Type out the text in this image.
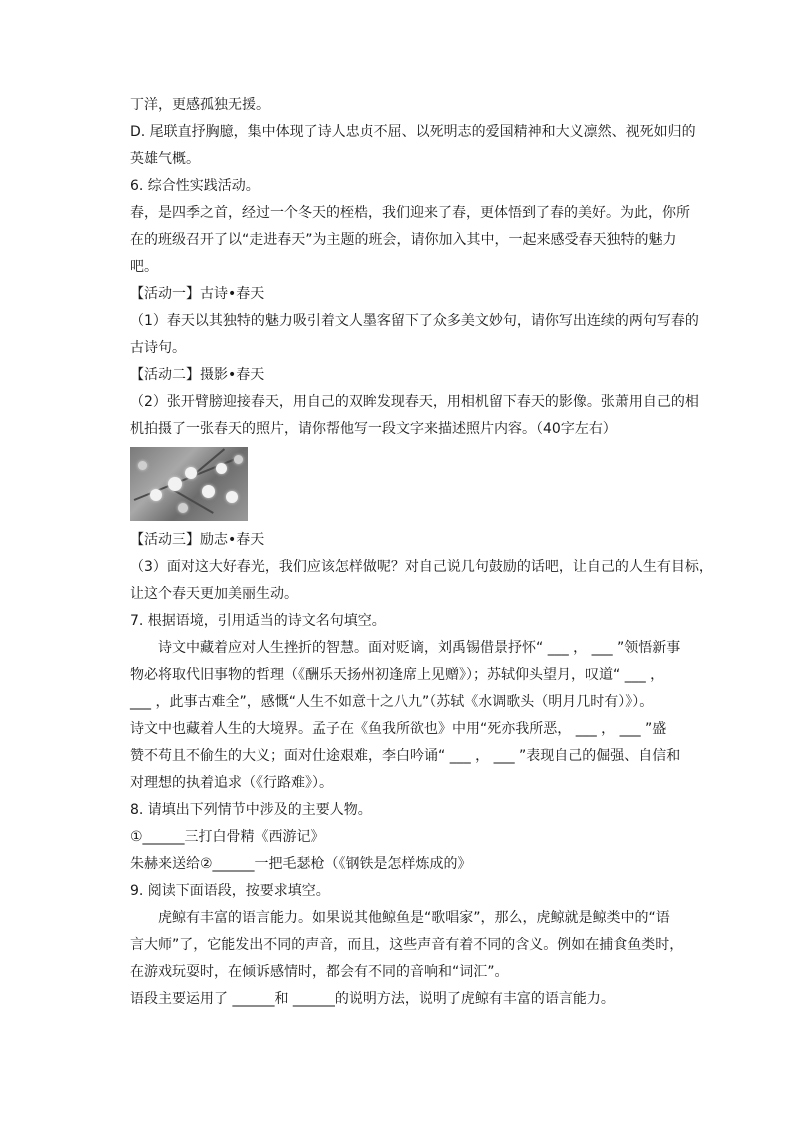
丁洋，更感孤独无援。
D. 尾联直抒胸臆，集中体现了诗人忠贞不屈、以死明志的爱国精神和大义凛然、视死如归的
英雄气概。
6. 综合性实践活动。
春，是四季之首，经过一个冬天的桎梏，我们迎来了春，更体悟到了春的美好。为此，你所
在的班级召开了以“走进春天”为主题的班会，请你加入其中，一起来感受春天独特的魅力
吧。
【活动一】古诗•春天
（1）春天以其独特的魅力吸引着文人墨客留下了众多美文妙句，请你写出连续的两句写春的
古诗句。
【活动二】摄影•春天
（2）张开臂膀迎接春天，用自己的双眸发现春天，用相机留下春天的影像。张萧用自己的相
机拍摄了一张春天的照片，请你帮他写一段文字来描述照片内容。（40字左右）
【活动三】励志•春天
（3）面对这大好春光，我们应该怎样做呢？对自己说几句鼓励的话吧，让自己的人生有目标，
让这个春天更加美丽生动。
7. 根据语境，引用适当的诗文名句填空。
诗文中藏着应对人生挫折的智慧。面对贬谪，刘禹锡借景抒怀“ ___ ， ___ ”领悟新事
物必将取代旧事物的哲理（《酬乐天扬州初逢席上见赠》）；苏轼仰头望月，叹道“ ___ ，
___ ，此事古难全”，感慨“人生不如意十之八九”（苏轼《水调歌头（明月几时有）》）。
诗文中也藏着人生的大境界。孟子在《鱼我所欲也》中用“死亦我所恶， ___ ， ___ ”盛
赞不苟且不偷生的大义；面对仕途艰难，李白吟诵“ ___ ， ___ ”表现自己的倔强、自信和
对理想的执着追求（《行路难》）。
8. 请填出下列情节中涉及的主要人物。
①______三打白骨精《西游记》
朱赫来送给②______一把毛瑟枪（《钢铁是怎样炼成的》
9. 阅读下面语段，按要求填空。
虎鲸有丰富的语言能力。如果说其他鲸鱼是“歌唱家”，那么，虎鲸就是鲸类中的“语
言大师”了，它能发出不同的声音，而且，这些声音有着不同的含义。例如在捕食鱼类时，
在游戏玩耍时，在倾诉感情时，都会有不同的音响和“词汇”。
语段主要运用了 ______和 ______的说明方法，说明了虎鲸有丰富的语言能力。
